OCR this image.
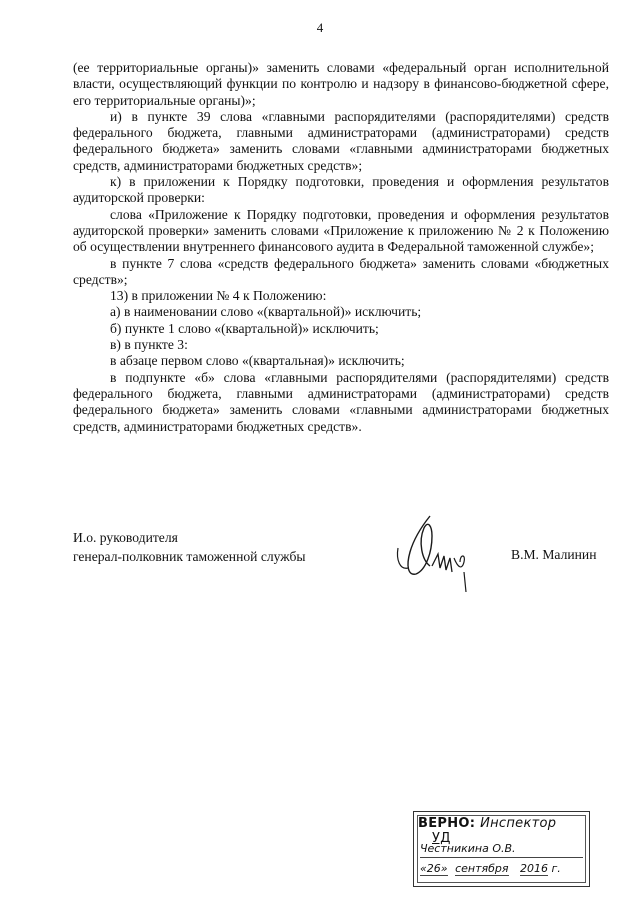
4

(ее территориальные органы)» заменить словами «федеральный орган исполнительной власти, осуществляющий функции по контролю и надзору в финансово-бюджетной сфере, его территориальные органы)»;

и) в пункте 39 слова «главными распорядителями (распорядителями) средств федерального бюджета, главными администраторами (администраторами) средств федерального бюджета» заменить словами «главными администраторами бюджетных средств, администраторами бюджетных средств»;

к) в приложении к Порядку подготовки, проведения и оформления результатов аудиторской проверки:

слова «Приложение к Порядку подготовки, проведения и оформления результатов аудиторской проверки» заменить словами «Приложение к приложению № 2 к Положению об осуществлении внутреннего финансового аудита в Федеральной таможенной службе»;

в пункте 7 слова «средств федерального бюджета» заменить словами «бюджетных средств»;

13) в приложении № 4 к Положению:

а) в наименовании слово «(квартальной)» исключить;

б) пункте 1 слово «(квартальной)» исключить;

в) в пункте 3:

в абзаце первом слово «(квартальная)» исключить;

в подпункте «б» слова «главными распорядителями (распорядителями) средств федерального бюджета, главными администраторами (администраторами) средств федерального бюджета» заменить словами «главными администраторами бюджетных средств, администраторами бюджетных средств».

И.о. руководителя
генерал-полковник таможенной службы	В.М. Малинин
ВЕРНО: Инспектор УД
Честникина О.В.
«26» сентября 2016 г.
